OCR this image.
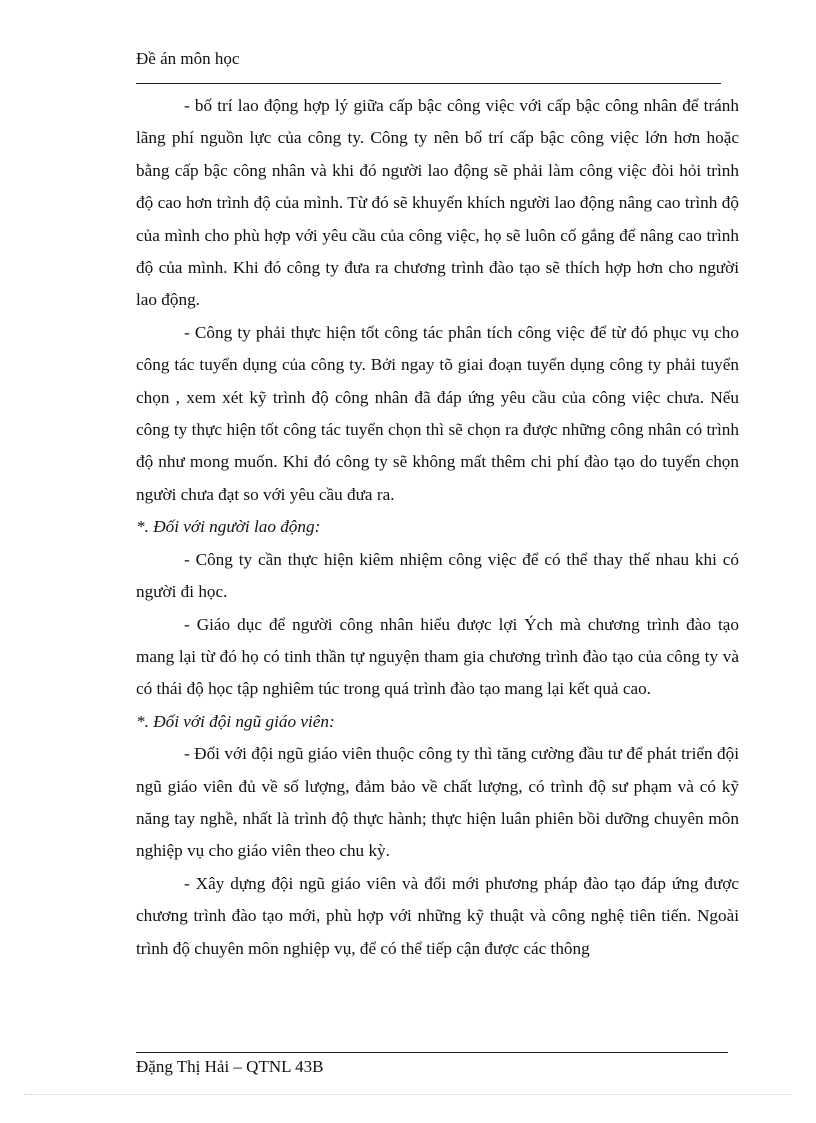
Đề án môn học

- bố trí lao động hợp lý giữa cấp bậc công việc với cấp bậc công nhân để tránh lãng phí nguồn lực của công ty. Công ty nên bố trí cấp bậc công việc lớn hơn hoặc bằng cấp bậc công nhân và khi đó người lao động sẽ phải làm công việc đòi hỏi trình độ cao hơn trình độ của mình. Từ đó sẽ khuyến khích người lao động nâng cao trình độ của mình cho phù hợp với yêu cầu của công việc, họ sẽ luôn cố gắng để nâng cao trình độ của mình. Khi đó công ty đưa ra chương trình đào tạo sẽ thích hợp hơn cho người lao động.

- Công ty phải thực hiện tốt công tác phân tích công việc để từ đó phục vụ cho công tác tuyển dụng của công ty. Bởi ngay tõ giai đoạn tuyển dụng công ty phải tuyển chọn , xem xét kỹ trình độ công nhân đã đáp ứng yêu cầu của công việc chưa. Nếu công ty thực hiện tốt công tác tuyển chọn thì sẽ chọn ra được những công nhân có trình độ như mong muốn. Khi đó công ty sẽ không mất thêm chi phí đào tạo do tuyển chọn người chưa đạt so với yêu cầu đưa ra.

*. Đối với người lao động:

- Công ty cần thực hiện kiêm nhiệm công việc để có thể thay thế nhau khi có người đi học.

- Giáo dục để người công nhân hiểu được lợi Ých mà chương trình đào tạo mang lại từ đó họ có tinh thần tự nguyện tham gia chương trình đào tạo của công ty và có thái độ học tập nghiêm túc trong quá trình đào tạo mang lại kết quả cao.

*. Đối với đội ngũ giáo viên:

- Đối với đội ngũ giáo viên thuộc công ty thì tăng cường đầu tư để phát triển đội ngũ giáo viên đủ về số lượng, đảm bảo về chất lượng, có trình độ sư phạm và có kỹ năng tay nghề, nhất là trình độ thực hành; thực hiện luân phiên bồi dưỡng chuyên môn nghiệp vụ cho giáo viên theo chu kỳ.

- Xây dựng đội ngũ giáo viên và đổi mới phương pháp đào tạo đáp ứng được chương trình đào tạo mới, phù hợp với những kỹ thuật và công nghệ tiên tiến. Ngoài trình độ chuyên môn nghiệp vụ, để có thể tiếp cận được các thông

Đặng Thị Hải – QTNL 43B
